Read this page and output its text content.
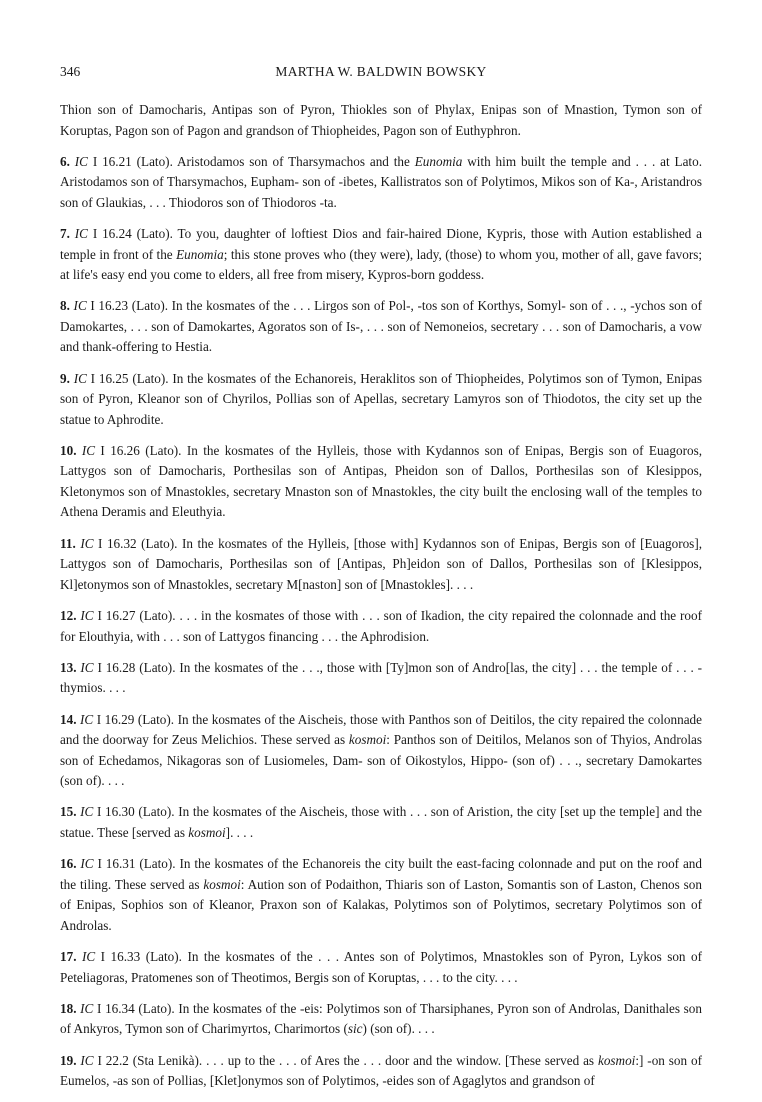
346	MARTHA W. BALDWIN BOWSKY

Thion son of Damocharis, Antipas son of Pyron, Thiokles son of Phylax, Enipas son of Mnastion, Tymon son of Koruptas, Pagon son of Pagon and grandson of Thiopheides, Pagon son of Euthyphron.

6. IC I 16.21 (Lato). Aristodamos son of Tharsymachos and the Eunomia with him built the temple and . . . at Lato. Aristodamos son of Tharsymachos, Eupham- son of -ibetes, Kallistratos son of Polytimos, Mikos son of Ka-, Aristandros son of Glaukias, . . . Thiodoros son of Thiodoros -ta.

7. IC I 16.24 (Lato). To you, daughter of loftiest Dios and fair-haired Dione, Kypris, those with Aution established a temple in front of the Eunomia; this stone proves who (they were), lady, (those) to whom you, mother of all, gave favors; at life's easy end you come to elders, all free from misery, Kypros-born goddess.

8. IC I 16.23 (Lato). In the kosmates of the . . . Lirgos son of Pol-, -tos son of Korthys, Somyl- son of . . ., -ychos son of Damokartes, . . . son of Damokartes, Agoratos son of Is-, . . . son of Nemoneios, secretary . . . son of Damocharis, a vow and thank-offering to Hestia.

9. IC I 16.25 (Lato). In the kosmates of the Echanoreis, Heraklitos son of Thiopheides, Polytimos son of Tymon, Enipas son of Pyron, Kleanor son of Chyrilos, Pollias son of Apellas, secretary Lamyros son of Thiodotos, the city set up the statue to Aphrodite.

10. IC I 16.26 (Lato). In the kosmates of the Hylleis, those with Kydannos son of Enipas, Bergis son of Euagoros, Lattygos son of Damocharis, Porthesilas son of Antipas, Pheidon son of Dallos, Porthesilas son of Klesippos, Kletonymos son of Mnastokles, secretary Mnaston son of Mnastokles, the city built the enclosing wall of the temples to Athena Deramis and Eleuthyia.

11. IC I 16.32 (Lato). In the kosmates of the Hylleis, [those with] Kydannos son of Enipas, Bergis son of [Euagoros], Lattygos son of Damocharis, Porthesilas son of [Antipas, Ph]eidon son of Dallos, Porthesilas son of [Klesippos, Kl]etonymos son of Mnastokles, secretary M[naston] son of [Mnastokles]. . . .

12. IC I 16.27 (Lato). . . . in the kosmates of those with . . . son of Ikadion, the city repaired the colonnade and the roof for Elouthyia, with . . . son of Lattygos financing . . . the Aphrodision.

13. IC I 16.28 (Lato). In the kosmates of the . . ., those with [Ty]mon son of Andro[las, the city] . . . the temple of . . . -thymios. . . .

14. IC I 16.29 (Lato). In the kosmates of the Aischeis, those with Panthos son of Deitilos, the city repaired the colonnade and the doorway for Zeus Melichios. These served as kosmoi: Panthos son of Deitilos, Melanos son of Thyios, Androlas son of Echedamos, Nikagoras son of Lusiomeles, Dam- son of Oikostylos, Hippo- (son of) . . ., secretary Damokartes (son of). . . .

15. IC I 16.30 (Lato). In the kosmates of the Aischeis, those with . . . son of Aristion, the city [set up the temple] and the statue. These [served as kosmoi]. . . .

16. IC I 16.31 (Lato). In the kosmates of the Echanoreis the city built the east-facing colonnade and put on the roof and the tiling. These served as kosmoi: Aution son of Podaithon, Thiaris son of Laston, Somantis son of Laston, Chenos son of Enipas, Sophios son of Kleanor, Praxon son of Kalakas, Polytimos son of Polytimos, secretary Polytimos son of Androlas.

17. IC I 16.33 (Lato). In the kosmates of the . . . Antes son of Polytimos, Mnastokles son of Pyron, Lykos son of Peteliagoras, Pratomenes son of Theotimos, Bergis son of Koruptas, . . . to the city. . . .

18. IC I 16.34 (Lato). In the kosmates of the -eis: Polytimos son of Tharsiphanes, Pyron son of Androlas, Danithales son of Ankyros, Tymon son of Charimyrtos, Charimortos (sic) (son of). . . .

19. IC I 22.2 (Sta Lenikà). . . . up to the . . . of Ares the . . . door and the window. [These served as kosmoi:] -on son of Eumelos, -as son of Pollias, [Klet]onymos son of Polytimos, -eides son of Agaglytos and grandson of
